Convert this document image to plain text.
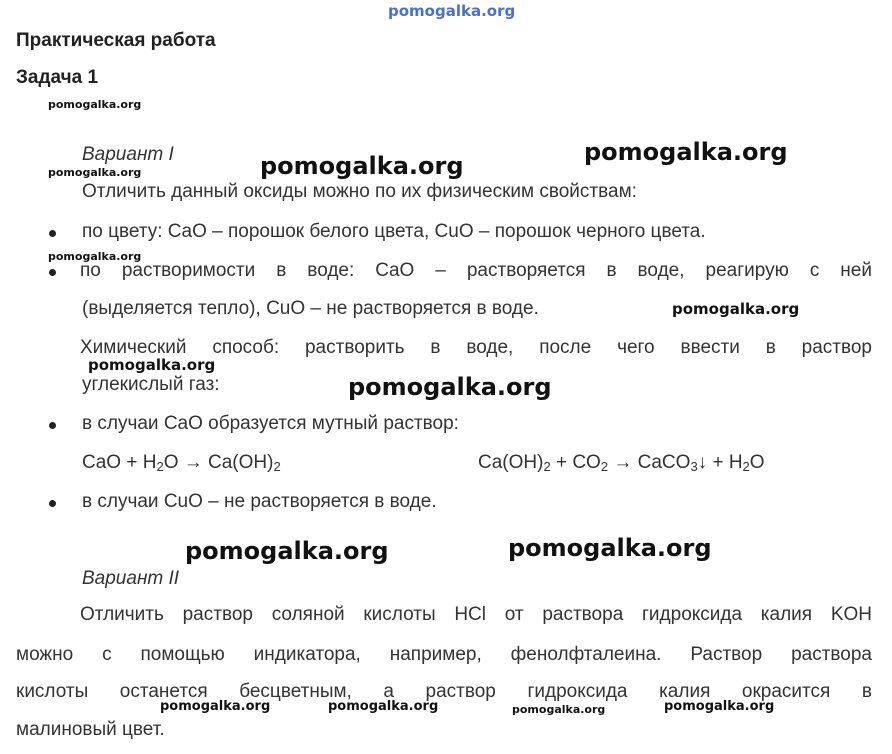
pomogalka.org
Практическая работа
Задача 1
pomogalka.org
Вариант I	pomogalka.org	pomogalka.org
pomogalka.org
Отличить данный оксиды можно по их физическим свойствам:
по цвету: CaO – порошок белого цвета, CuO – порошок черного цвета.
pomogalka.org
по растворимости в воде: CaO – растворяется в воде, реагирую с ней
(выделяется тепло), CuO – не растворяется в воде.	pomogalka.org
Химический способ: растворить в воде, после чего ввести в раствор
pomogalka.org
углекислый газ:	pomogalka.org
в случаи CaO образуется мутный раствор:
CaO + $H_2O \to Ca(OH)_2$	$Ca(OH)_2 + CO_2$ → CaCO$_3$↓ + $H_2O$
в случаи CuO – не растворяется в воде.
pomogalka.org	pomogalka.org
Вариант II
Отличить раствор соляной кислоты HCl от раствора гидроксида калия KOH
можно с помощью индикатора, например, фенолфталеина. Раствор раствора
кислоты останется бесцветным, а раствор гидроксида калия окрасится в
малиновый цвет.
pomogalka.org	pomogalka.org	pomogalka.org	pomogalka.org
